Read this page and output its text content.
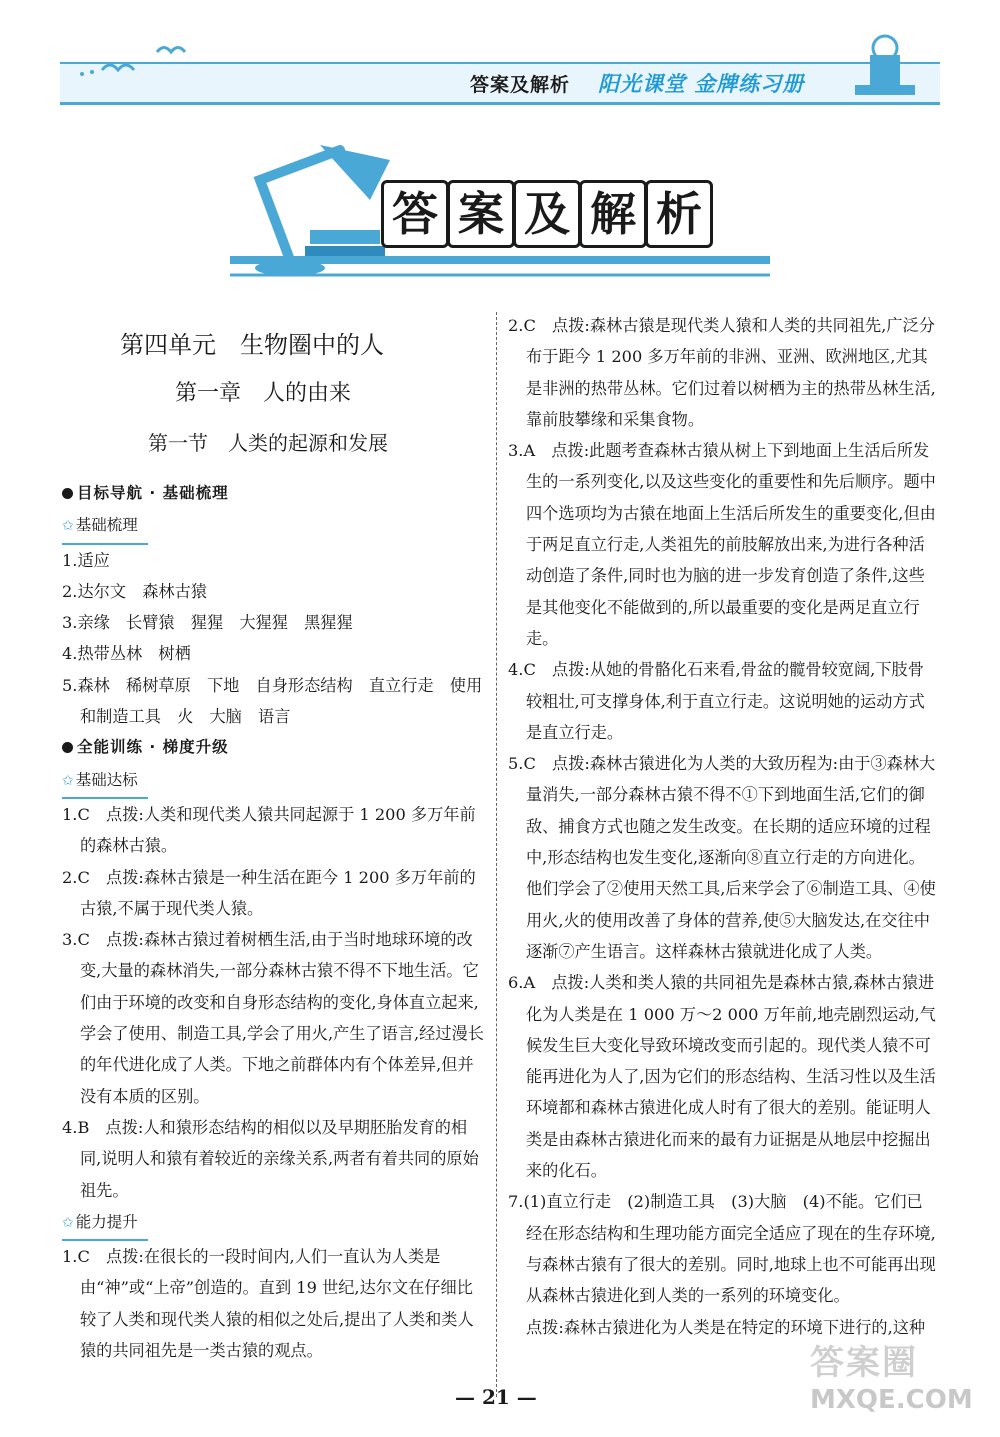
答案及解析 阳光课堂 金牌练习册
答 案 及 解 析
第四单元　生物圈中的人
第一章　人的由来
第一节　人类的起源和发展
目标导航 · 基础梳理
✩ 基础梳理
1.适应
2.达尔文　森林古猿
3.亲缘　长臂猿　猩猩　大猩猩　黑猩猩
4.热带丛林　树栖
5.森林　稀树草原　下地　自身形态结构　直立行走　使用和制造工具　火　大脑　语言
全能训练 · 梯度升级
✩ 基础达标
1.C　点拨:人类和现代类人猿共同起源于 1 200 多万年前的森林古猿。
2.C　点拨:森林古猿是一种生活在距今 1 200 多万年前的古猿,不属于现代类人猿。
3.C　点拨:森林古猿过着树栖生活,由于当时地球环境的改变,大量的森林消失,一部分森林古猿不得不下地生活。它们由于环境的改变和自身形态结构的变化,身体直立起来,学会了使用、制造工具,学会了用火,产生了语言,经过漫长的年代进化成了人类。下地之前群体内有个体差异,但并没有本质的区别。
4.B　点拨:人和猿形态结构的相似以及早期胚胎发育的相同,说明人和猿有着较近的亲缘关系,两者有着共同的原始祖先。
✩ 能力提升
1.C　点拨:在很长的一段时间内,人们一直认为人类是由“神”或“上帝”创造的。直到 19 世纪,达尔文在仔细比较了人类和现代类人猿的相似之处后,提出了人类和类人猿的共同祖先是一类古猿的观点。
2.C　点拨:森林古猿是现代类人猿和人类的共同祖先,广泛分布于距今 1 200 多万年前的非洲、亚洲、欧洲地区,尤其是非洲的热带丛林。它们过着以树栖为主的热带丛林生活,靠前肢攀缘和采集食物。
3.A　点拨:此题考查森林古猿从树上下到地面上生活后所发生的一系列变化,以及这些变化的重要性和先后顺序。题中四个选项均为古猿在地面上生活后所发生的重要变化,但由于两足直立行走,人类祖先的前肢解放出来,为进行各种活动创造了条件,同时也为脑的进一步发育创造了条件,这些是其他变化不能做到的,所以最重要的变化是两足直立行走。
4.C　点拨:从她的骨骼化石来看,骨盆的髋骨较宽阔,下肢骨较粗壮,可支撑身体,利于直立行走。这说明她的运动方式是直立行走。
5.C　点拨:森林古猿进化为人类的大致历程为:由于③森林大量消失,一部分森林古猿不得不①下到地面生活,它们的御敌、捕食方式也随之发生改变。在长期的适应环境的过程中,形态结构也发生变化,逐渐向⑧直立行走的方向进化。他们学会了②使用天然工具,后来学会了⑥制造工具、④使用火,火的使用改善了身体的营养,使⑤大脑发达,在交往中逐渐⑦产生语言。这样森林古猿就进化成了人类。
6.A　点拨:人类和类人猿的共同祖先是森林古猿,森林古猿进化为人类是在 1 000 万～2 000 万年前,地壳剧烈运动,气候发生巨大变化导致环境改变而引起的。现代类人猿不可能再进化为人了,因为它们的形态结构、生活习性以及生活环境都和森林古猿进化成人时有了很大的差别。能证明人类是由森林古猿进化而来的最有力证据是从地层中挖掘出来的化石。
7.(1)直立行走　(2)制造工具　(3)大脑　(4)不能。它们已经在形态结构和生理功能方面完全适应了现在的生存环境,与森林古猿有了很大的差别。同时,地球上也不可能再出现从森林古猿进化到人类的一系列的环境变化。
点拨:森林古猿进化为人类是在特定的环境下进行的,这种
— 21 —
答案圈
MXQE.COM
